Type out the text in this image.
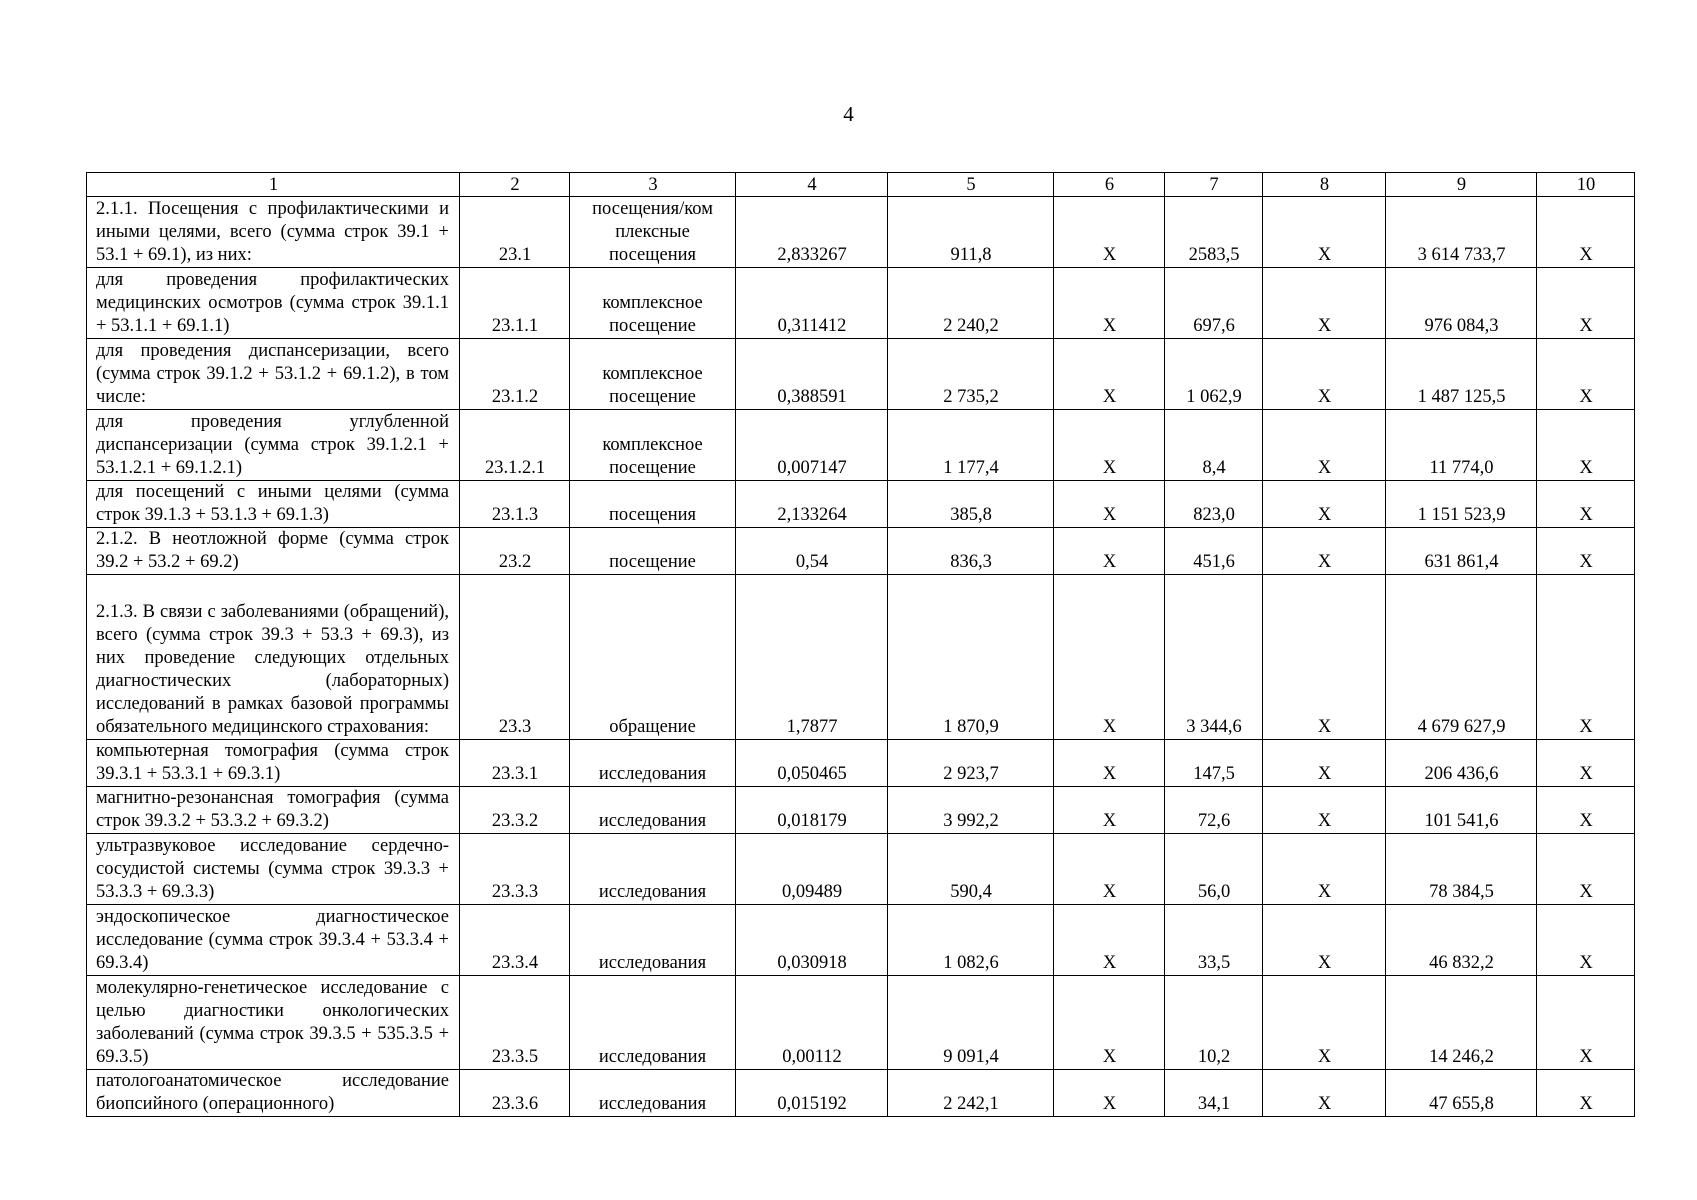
4
1	2	3	4	5	6	7	8	9	10
2.1.1. Посещения с профилактическими и иными целями, всего (сумма строк 39.1 + 53.1 + 69.1), из них:	23.1	посещения/ком плексные посещения	2,833267	911,8	Х	2583,5	Х	3 614 733,7	Х
для проведения профилактических медицинских осмотров (сумма строк 39.1.1 + 53.1.1 + 69.1.1)	23.1.1	комплексное посещение	0,311412	2 240,2	Х	697,6	Х	976 084,3	Х
для проведения диспансеризации, всего (сумма строк 39.1.2 + 53.1.2 + 69.1.2), в том числе:	23.1.2	комплексное посещение	0,388591	2 735,2	Х	1 062,9	Х	1 487 125,5	Х
для проведения углубленной диспансеризации (сумма строк 39.1.2.1 + 53.1.2.1 + 69.1.2.1)	23.1.2.1	комплексное посещение	0,007147	1 177,4	Х	8,4	Х	11 774,0	Х
для посещений с иными целями (сумма строк 39.1.3 + 53.1.3 + 69.1.3)	23.1.3	посещения	2,133264	385,8	Х	823,0	Х	1 151 523,9	Х
2.1.2. В неотложной форме (сумма строк 39.2 + 53.2 + 69.2)	23.2	посещение	0,54	836,3	Х	451,6	Х	631 861,4	Х
2.1.3. В связи с заболеваниями (обращений), всего (сумма строк 39.3 + 53.3 + 69.3), из них проведение следующих отдельных диагностических (лабораторных) исследований в рамках базовой программы обязательного медицинского страхования:	23.3	обращение	1,7877	1 870,9	Х	3 344,6	Х	4 679 627,9	Х
компьютерная томография (сумма строк 39.3.1 + 53.3.1 + 69.3.1)	23.3.1	исследования	0,050465	2 923,7	Х	147,5	Х	206 436,6	Х
магнитно-резонансная томография (сумма строк 39.3.2 + 53.3.2 + 69.3.2)	23.3.2	исследования	0,018179	3 992,2	Х	72,6	Х	101 541,6	Х
ультразвуковое исследование сердечно-сосудистой системы (сумма строк 39.3.3 + 53.3.3 + 69.3.3)	23.3.3	исследования	0,09489	590,4	Х	56,0	Х	78 384,5	Х
эндоскопическое диагностическое исследование (сумма строк 39.3.4 + 53.3.4 + 69.3.4)	23.3.4	исследования	0,030918	1 082,6	Х	33,5	Х	46 832,2	Х
молекулярно-генетическое исследование с целью диагностики онкологических заболеваний (сумма строк 39.3.5 + 535.3.5 + 69.3.5)	23.3.5	исследования	0,00112	9 091,4	Х	10,2	Х	14 246,2	Х
патологоанатомическое исследование биопсийного (операционного)	23.3.6	исследования	0,015192	2 242,1	Х	34,1	Х	47 655,8	Х
